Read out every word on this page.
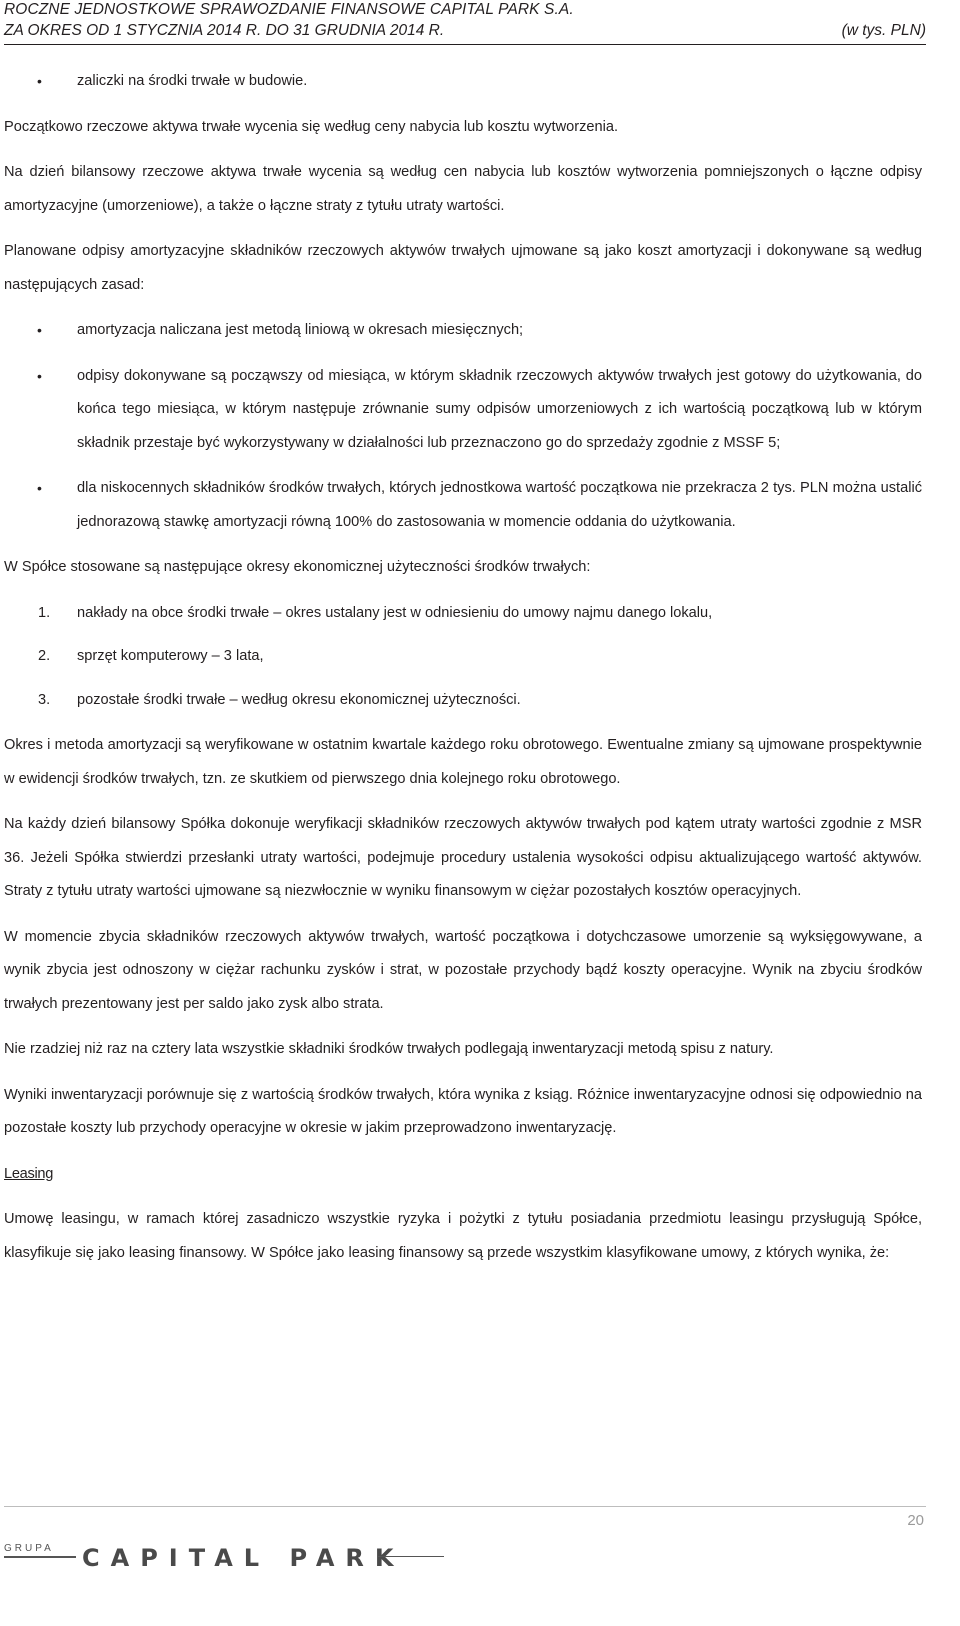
ROCZNE JEDNOSTKOWE SPRAWOZDANIE FINANSOWE CAPITAL PARK S.A.
ZA OKRES OD 1 STYCZNIA 2014 R. DO 31 GRUDNIA 2014 R.	(w tys. PLN)
• zaliczki na środki trwałe w budowie.

Początkowo rzeczowe aktywa trwałe wycenia się według ceny nabycia lub kosztu wytworzenia.

Na dzień bilansowy rzeczowe aktywa trwałe wycenia są według cen nabycia lub kosztów wytworzenia pomniejszonych o łączne odpisy amortyzacyjne (umorzeniowe), a także o łączne straty z tytułu utraty wartości.

Planowane odpisy amortyzacyjne składników rzeczowych aktywów trwałych ujmowane są jako koszt amortyzacji i dokonywane są według następujących zasad:

• amortyzacja naliczana jest metodą liniową w okresach miesięcznych;
• odpisy dokonywane są począwszy od miesiąca, w którym składnik rzeczowych aktywów trwałych jest gotowy do użytkowania, do końca tego miesiąca, w którym następuje zrównanie sumy odpisów umorzeniowych z ich wartością początkową lub w którym składnik przestaje być wykorzystywany w działalności lub przeznaczono go do sprzedaży zgodnie z MSSF 5;
• dla niskocennych składników środków trwałych, których jednostkowa wartość początkowa nie przekracza 2 tys. PLN można ustalić jednorazową stawkę amortyzacji równą 100% do zastosowania w momencie oddania do użytkowania.

W Spółce stosowane są następujące okresy ekonomicznej użyteczności środków trwałych:

1. nakłady na obce środki trwałe – okres ustalany jest w odniesieniu do umowy najmu danego lokalu,
2. sprzęt komputerowy – 3 lata,
3. pozostałe środki trwałe – według okresu ekonomicznej użyteczności.

Okres i metoda amortyzacji są weryfikowane w ostatnim kwartale każdego roku obrotowego. Ewentualne zmiany są ujmowane prospektywnie w ewidencji środków trwałych, tzn. ze skutkiem od pierwszego dnia kolejnego roku obrotowego.

Na każdy dzień bilansowy Spółka dokonuje weryfikacji składników rzeczowych aktywów trwałych pod kątem utraty wartości zgodnie z MSR 36. Jeżeli Spółka stwierdzi przesłanki utraty wartości, podejmuje procedury ustalenia wysokości odpisu aktualizującego wartość aktywów. Straty z tytułu utraty wartości ujmowane są niezwłocznie w wyniku finansowym w ciężar pozostałych kosztów operacyjnych.

W momencie zbycia składników rzeczowych aktywów trwałych, wartość początkowa i dotychczasowe umorzenie są wyksięgowywane, a wynik zbycia jest odnoszony w ciężar rachunku zysków i strat, w pozostałe przychody bądź koszty operacyjne. Wynik na zbyciu środków trwałych prezentowany jest per saldo jako zysk albo strata.

Nie rzadziej niż raz na cztery lata wszystkie składniki środków trwałych podlegają inwentaryzacji metodą spisu z natury.

Wyniki inwentaryzacji porównuje się z wartością środków trwałych, która wynika z ksiąg. Różnice inwentaryzacyjne odnosi się odpowiednio na pozostałe koszty lub przychody operacyjne w okresie w jakim przeprowadzono inwentaryzację.

Leasing

Umowę leasingu, w ramach której zasadniczo wszystkie ryzyka i pożytki z tytułu posiadania przedmiotu leasingu przysługują Spółce, klasyfikuje się jako leasing finansowy. W Spółce jako leasing finansowy są przede wszystkim klasyfikowane umowy, z których wynika, że:

20
GRUPA CAPITAL PARK
